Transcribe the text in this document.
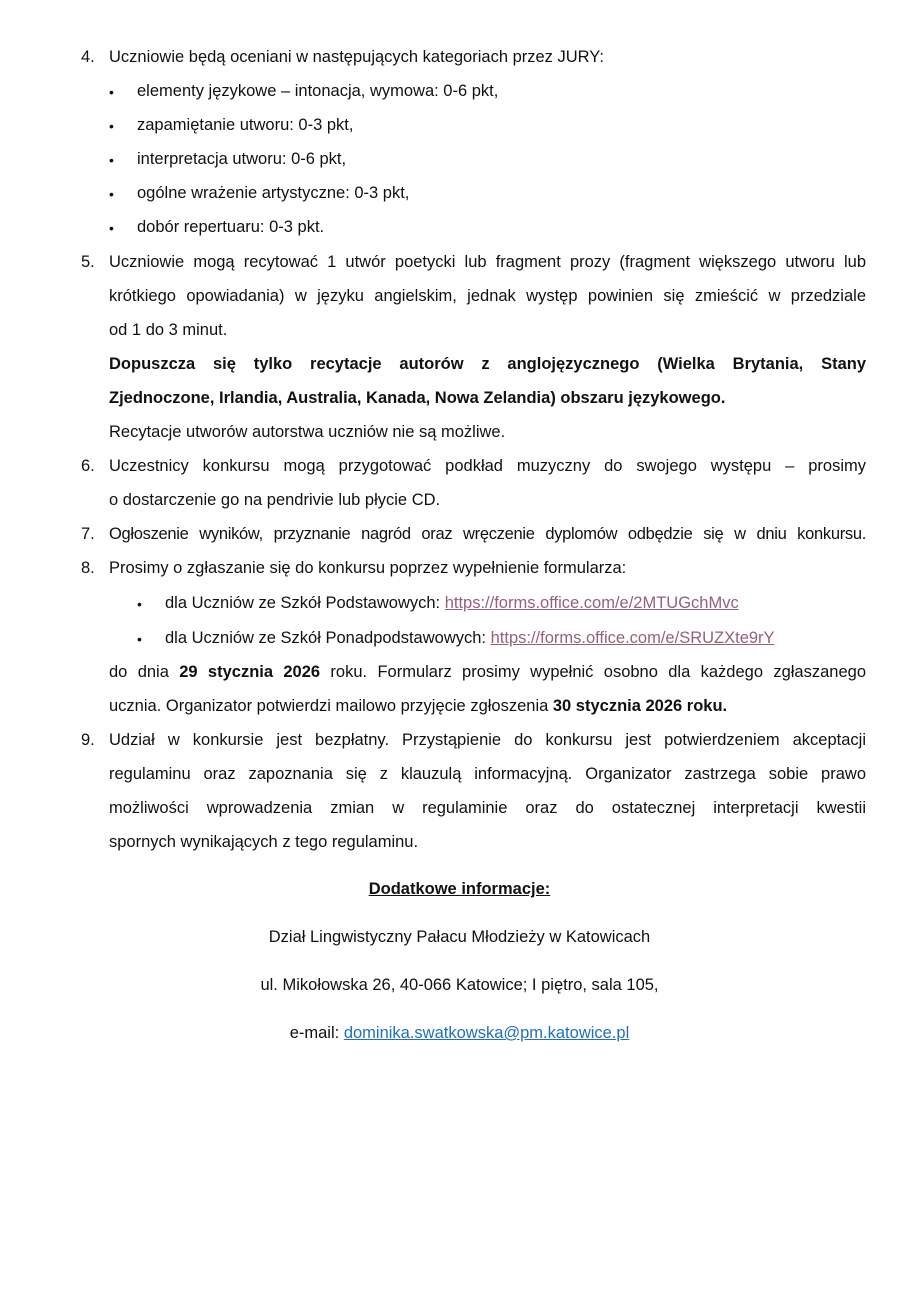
4. Uczniowie będą oceniani w następujących kategoriach przez JURY:
• elementy językowe – intonacja, wymowa: 0-6 pkt,
• zapamiętanie utworu: 0-3 pkt,
• interpretacja utworu: 0-6 pkt,
• ogólne wrażenie artystyczne: 0-3 pkt,
• dobór repertuaru: 0-3 pkt.
5. Uczniowie mogą recytować 1 utwór poetycki lub fragment prozy (fragment większego utworu lub
krótkiego opowiadania) w języku angielskim, jednak występ powinien się zmieścić w przedziale
od 1 do 3 minut.
Dopuszcza się tylko recytacje autorów z anglojęzycznego (Wielka Brytania, Stany
Zjednoczone, Irlandia, Australia, Kanada, Nowa Zelandia) obszaru językowego.
Recytacje utworów autorstwa uczniów nie są możliwe.
6. Uczestnicy konkursu mogą przygotować podkład muzyczny do swojego występu – prosimy
o dostarczenie go na pendrivie lub płycie CD.
7. Ogłoszenie wyników, przyznanie nagród oraz wręczenie dyplomów odbędzie się w dniu konkursu.
8. Prosimy o zgłaszanie się do konkursu poprzez wypełnienie formularza:
• dla Uczniów ze Szkół Podstawowych: https://forms.office.com/e/2MTUGchMvc
• dla Uczniów ze Szkół Ponadpodstawowych: https://forms.office.com/e/SRUZXte9rY
do dnia 29 stycznia 2026 roku. Formularz prosimy wypełnić osobno dla każdego zgłaszanego
ucznia. Organizator potwierdzi mailowo przyjęcie zgłoszenia 30 stycznia 2026 roku.
9. Udział w konkursie jest bezpłatny. Przystąpienie do konkursu jest potwierdzeniem akceptacji
regulaminu oraz zapoznania się z klauzulą informacyjną. Organizator zastrzega sobie prawo
możliwości wprowadzenia zmian w regulaminie oraz do ostatecznej interpretacji kwestii
spornych wynikających z tego regulaminu.
Dodatkowe informacje:
Dział Lingwistyczny Pałacu Młodzieży w Katowicach
ul. Mikołowska 26, 40-066 Katowice; I piętro, sala 105,
e-mail: dominika.swatkowska@pm.katowice.pl
